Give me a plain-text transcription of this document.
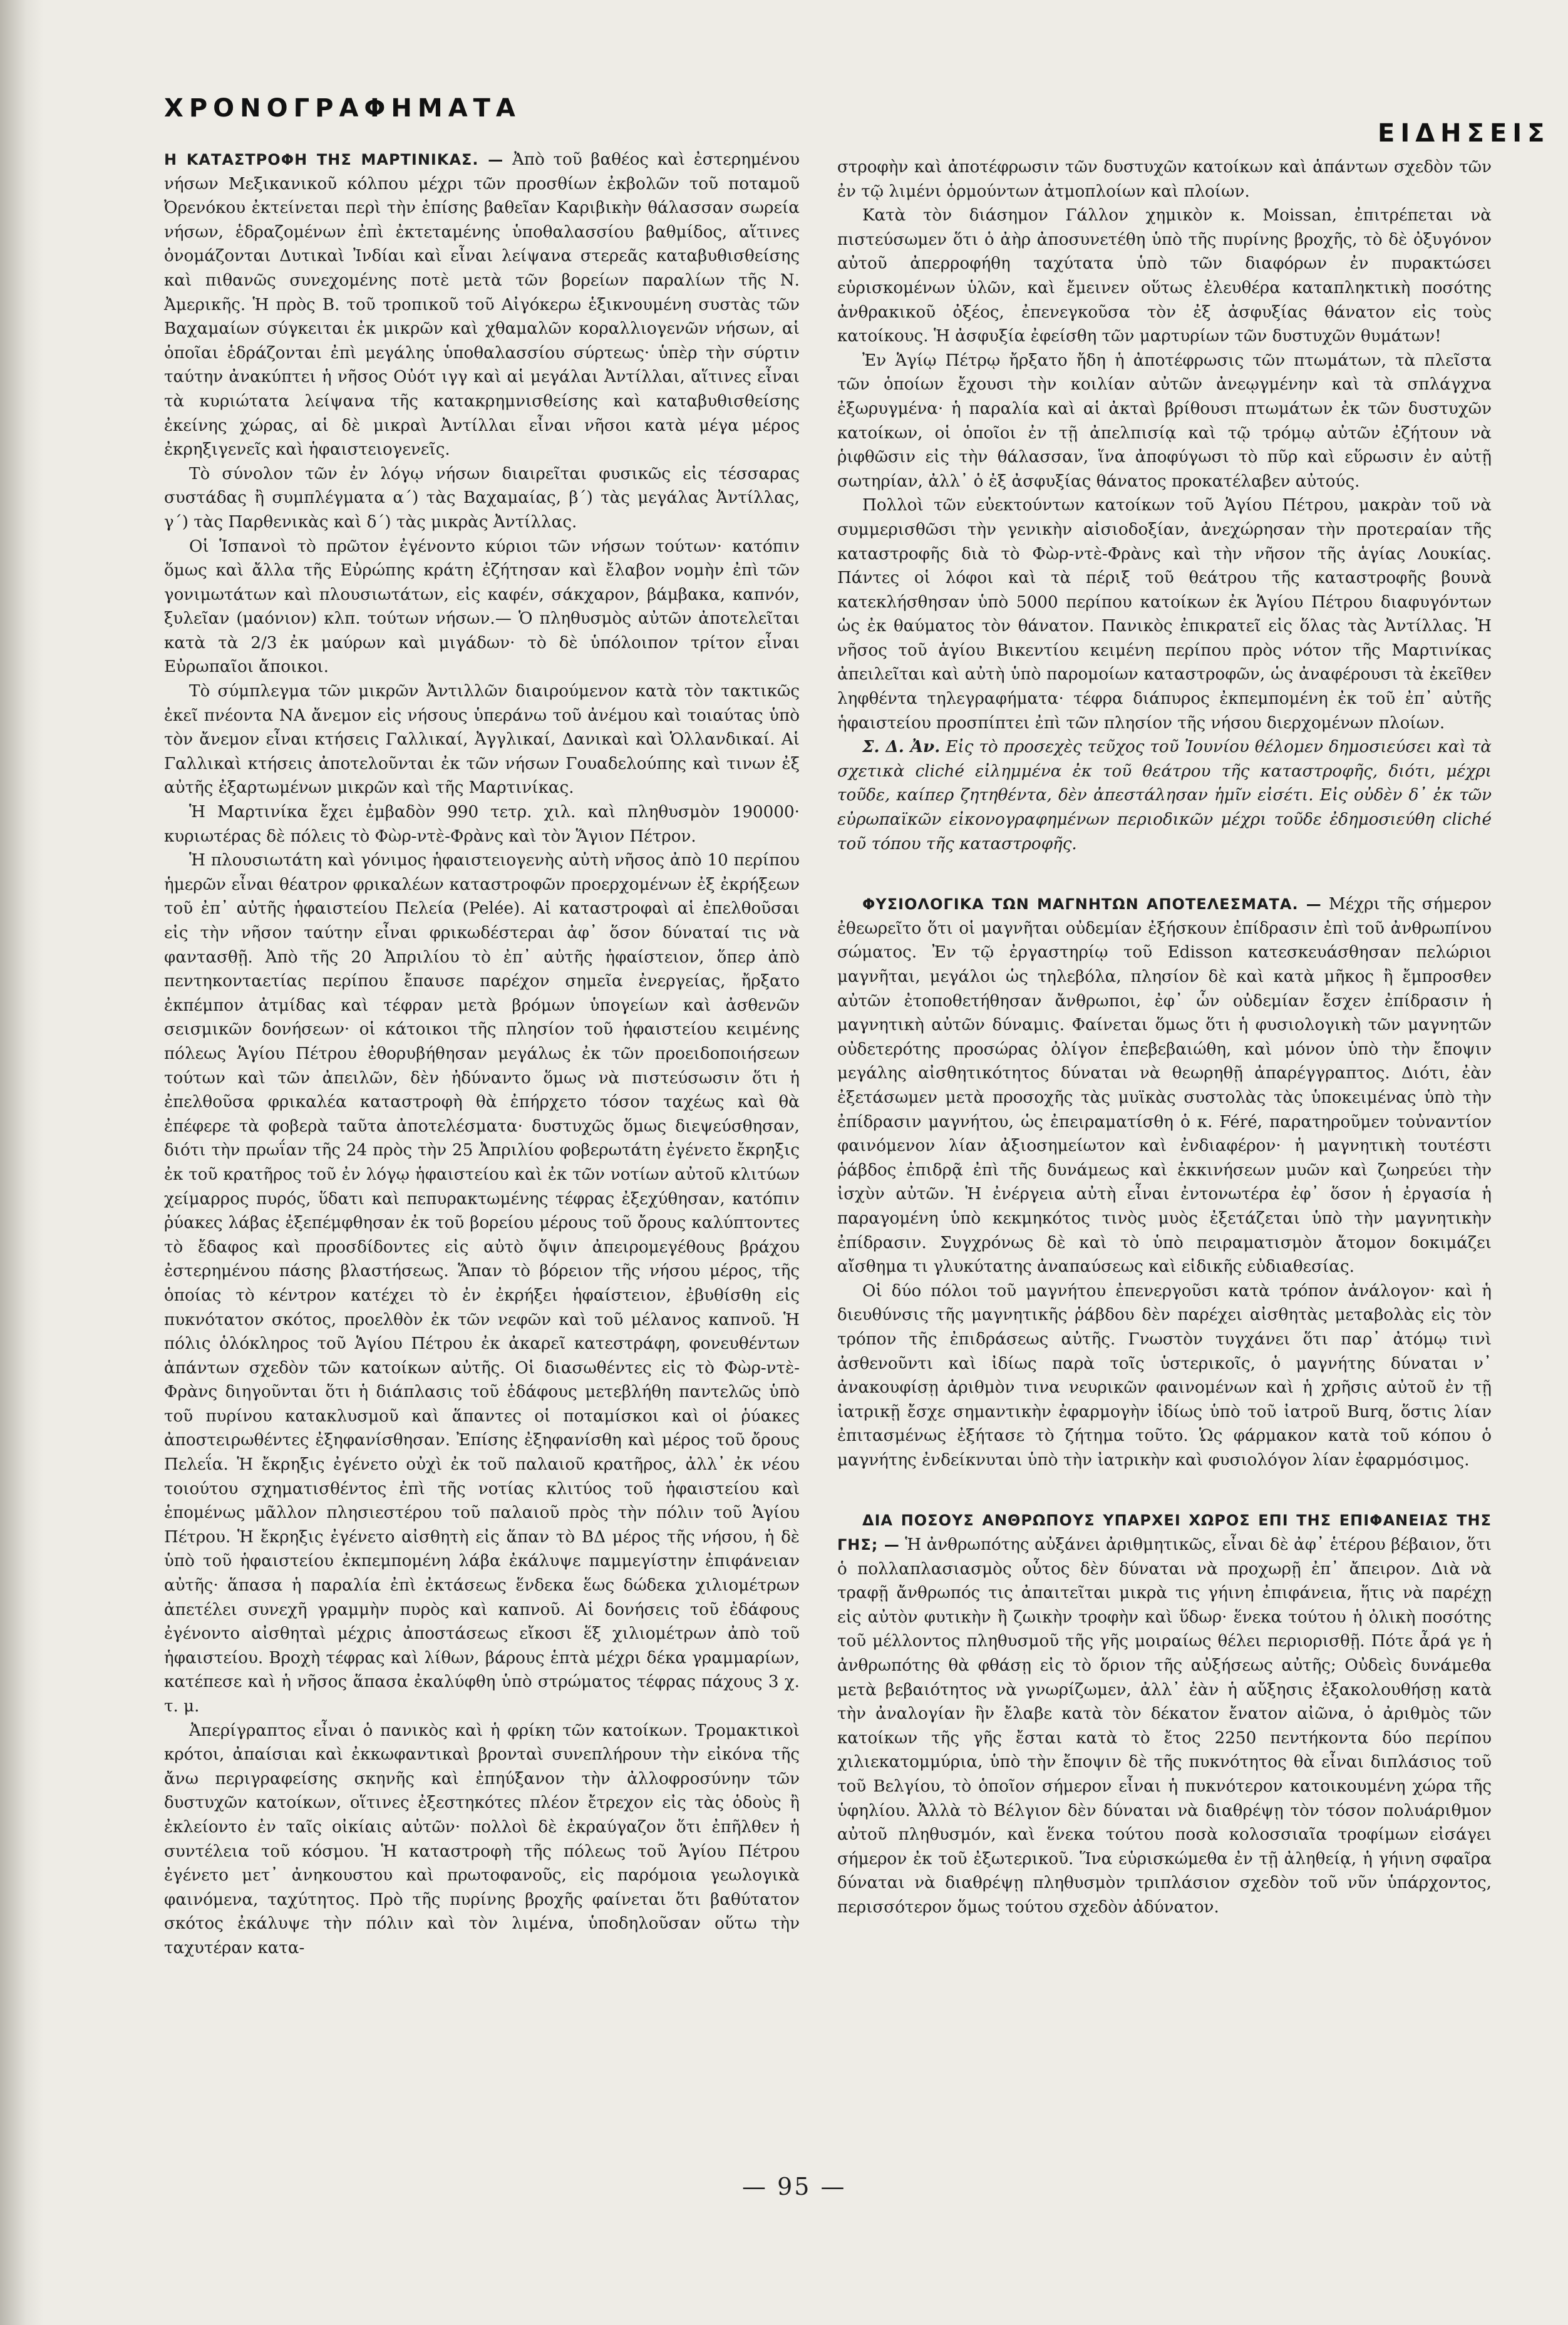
ΧΡΟΝΟΓΡΑΦΗΜΑΤΑ
ΕΙΔΗΣΕΙΣ

Η ΚΑΤΑΣΤΡΟΦΗ ΤΗΣ ΜΑΡΤΙΝΙΚΑΣ. — Ἀπὸ τοῦ βαθέος καὶ ἐστερημένου νήσων Μεξικανικοῦ κόλπου μέχρι τῶν προσθίων ἐκβολῶν τοῦ ποταμοῦ Ὀρενόκου ἐκτείνεται περὶ τὴν ἐπίσης βαθεῖαν Καριβικὴν θάλασσαν σωρεία νήσων, ἑδραζομένων ἐπὶ ἐκτεταμένης ὑποθαλασσίου βαθμίδος, αἵτινες ὀνομάζονται Δυτικαὶ Ἰνδίαι καὶ εἶναι λείψανα στερεᾶς καταβυθισθείσης καὶ πιθανῶς συνεχομένης ποτὲ μετὰ τῶν βορείων παραλίων τῆς Ν. Ἀμερικῆς. Ἡ πρὸς Β. τοῦ τροπικοῦ τοῦ Αἰγόκερω ἑξικνουμένη συστὰς τῶν Βαχαμαίων σύγκειται ἐκ μικρῶν καὶ χθαμαλῶν κοραλλιογενῶν νήσων, αἱ ὁποῖαι ἑδράζονται ἐπὶ μεγάλης ὑποθαλασσίου σύρτεως· ὑπὲρ τὴν σύρτιν ταύτην ἀνακύπτει ἡ νῆσος Οὐότ ιγγ καὶ αἱ μεγάλαι Ἀντίλλαι, αἵτινες εἶναι τὰ κυριώτατα λείψανα τῆς κατακρημνισθείσης καὶ καταβυθισθείσης ἐκείνης χώρας, αἱ δὲ μικραὶ Ἀντίλλαι εἶναι νῆσοι κατὰ μέγα μέρος ἐκρηξιγενεῖς καὶ ἡφαιστειογενεῖς.

Τὸ σύνολον τῶν ἐν λόγῳ νήσων διαιρεῖται φυσικῶς εἰς τέσσαρας συστάδας ἢ συμπλέγματα α΄) τὰς Βαχαμαίας, β΄) τὰς μεγάλας Ἀντίλλας, γ΄) τὰς Παρθενικὰς καὶ δ΄) τὰς μικρὰς Ἀντίλλας.

Οἱ Ἱσπανοὶ τὸ πρῶτον ἐγένοντο κύριοι τῶν νήσων τούτων· κατόπιν ὅμως καὶ ἄλλα τῆς Εὐρώπης κράτη ἐζήτησαν καὶ ἔλαβον νομὴν ἐπὶ τῶν γονιμωτάτων καὶ πλουσιωτάτων, εἰς καφέν, σάκχαρον, βάμβακα, καπνόν, ξυλεῖαν (μαόνιον) κλπ. τούτων νήσων.— Ὁ πληθυσμὸς αὐτῶν ἀποτελεῖται κατὰ τὰ 2/3 ἐκ μαύρων καὶ μιγάδων· τὸ δὲ ὑπόλοιπον τρίτον εἶναι Εὐρωπαῖοι ἄποικοι.

Τὸ σύμπλεγμα τῶν μικρῶν Ἀντιλλῶν διαιρούμενον κατὰ τὸν τακτικῶς ἐκεῖ πνέοντα ΝΑ ἄνεμον εἰς νήσους ὑπεράνω τοῦ ἀνέμου καὶ τοιαύτας ὑπὸ τὸν ἄνεμον εἶναι κτήσεις Γαλλικαί, Ἀγγλικαί, Δανικαὶ καὶ Ὁλλανδικαί. Αἱ Γαλλικαὶ κτήσεις ἀποτελοῦνται ἐκ τῶν νήσων Γουαδελούπης καὶ τινων ἐξ αὐτῆς ἐξαρτωμένων μικρῶν καὶ τῆς Μαρτινίκας.

Ἡ Μαρτινίκα ἔχει ἐμβαδὸν 990 τετρ. χιλ. καὶ πληθυσμὸν 190000· κυριωτέρας δὲ πόλεις τὸ Φὼρ-ντὲ-Φρὰνς καὶ τὸν Ἅγιον Πέτρον.

Ἡ πλουσιωτάτη καὶ γόνιμος ἡφαιστειογενὴς αὐτὴ νῆσος ἀπὸ 10 περίπου ἡμερῶν εἶναι θέατρον φρικαλέων καταστροφῶν προερχομένων ἐξ ἐκρήξεων τοῦ ἐπ᾿ αὐτῆς ἡφαιστείου Πελεία (Pelée). Αἱ καταστροφαὶ αἱ ἐπελθοῦσαι εἰς τὴν νῆσον ταύτην εἶναι φρικωδέστεραι ἀφ᾿ ὅσον δύναταί τις νὰ φαντασθῇ. Ἀπὸ τῆς 20 Ἀπριλίου τὸ ἐπ᾿ αὐτῆς ἡφαίστειον, ὅπερ ἀπὸ πεντηκονταετίας περίπου ἔπαυσε παρέχον σημεῖα ἐνεργείας, ἤρξατο ἐκπέμπον ἀτμίδας καὶ τέφραν μετὰ βρόμων ὑπογείων καὶ ἀσθενῶν σεισμικῶν δονήσεων· οἱ κάτοικοι τῆς πλησίον τοῦ ἡφαιστείου κειμένης πόλεως Ἁγίου Πέτρου ἐθορυβήθησαν μεγάλως ἐκ τῶν προειδοποιήσεων τούτων καὶ τῶν ἀπειλῶν, δὲν ἠδύναντο ὅμως νὰ πιστεύσωσιν ὅτι ἡ ἐπελθοῦσα φρικαλέα καταστροφὴ θὰ ἐπήρχετο τόσον ταχέως καὶ θὰ ἐπέφερε τὰ φοβερὰ ταῦτα ἀποτελέσματα· δυστυχῶς ὅμως διεψεύσθησαν, διότι τὴν πρωΐαν τῆς 24 πρὸς τὴν 25 Ἀπριλίου φοβερωτάτη ἐγένετο ἔκρηξις ἐκ τοῦ κρατῆρος τοῦ ἐν λόγῳ ἡφαιστείου καὶ ἐκ τῶν νοτίων αὐτοῦ κλιτύων χείμαρρος πυρός, ὕδατι καὶ πεπυρακτωμένης τέφρας ἐξεχύθησαν, κατόπιν ῥύακες λάβας ἐξεπέμφθησαν ἐκ τοῦ βορείου μέρους τοῦ ὄρους καλύπτοντες τὸ ἔδαφος καὶ προσδίδοντες εἰς αὐτὸ ὄψιν ἀπειρομεγέθους βράχου ἐστερημένου πάσης βλαστήσεως. Ἅπαν τὸ βόρειον τῆς νήσου μέρος, τῆς ὁποίας τὸ κέντρον κατέχει τὸ ἐν ἐκρήξει ἡφαίστειον, ἐβυθίσθη εἰς πυκνότατον σκότος, προελθὸν ἐκ τῶν νεφῶν καὶ τοῦ μέλανος καπνοῦ. Ἡ πόλις ὁλόκληρος τοῦ Ἁγίου Πέτρου ἐκ ἀκαρεῖ κατεστράφη, φονευθέντων ἁπάντων σχεδὸν τῶν κατοίκων αὐτῆς. Οἱ διασωθέντες εἰς τὸ Φὼρ-ντὲ-Φρὰνς διηγοῦνται ὅτι ἡ διάπλασις τοῦ ἐδάφους μετεβλήθη παντελῶς ὑπὸ τοῦ πυρίνου κατακλυσμοῦ καὶ ἅπαντες οἱ ποταμίσκοι καὶ οἱ ῥύακες ἀποστειρωθέντες ἐξηφανίσθησαν. Ἐπίσης ἐξηφανίσθη καὶ μέρος τοῦ ὄρους Πελεΐα. Ἡ ἔκρηξις ἐγένετο οὐχὶ ἐκ τοῦ παλαιοῦ κρατῆρος, ἀλλ᾿ ἐκ νέου τοιούτου σχηματισθέντος ἐπὶ τῆς νοτίας κλιτύος τοῦ ἡφαιστείου καὶ ἑπομένως μᾶλλον πλησιεστέρου τοῦ παλαιοῦ πρὸς τὴν πόλιν τοῦ Ἁγίου Πέτρου. Ἡ ἔκρηξις ἐγένετο αἰσθητὴ εἰς ἅπαν τὸ ΒΔ μέρος τῆς νήσου, ἡ δὲ ὑπὸ τοῦ ἡφαιστείου ἐκπεμπομένη λάβα ἐκάλυψε παμμεγίστην ἐπιφάνειαν αὐτῆς· ἅπασα ἡ παραλία ἐπὶ ἐκτάσεως ἕνδεκα ἕως δώδεκα χιλιομέτρων ἀπετέλει συνεχῆ γραμμὴν πυρὸς καὶ καπνοῦ. Αἱ δονήσεις τοῦ ἐδάφους ἐγένοντο αἰσθηταὶ μέχρις ἀποστάσεως εἴκοσι ἕξ χιλιομέτρων ἀπὸ τοῦ ἡφαιστείου. Βροχὴ τέφρας καὶ λίθων, βάρους ἑπτὰ μέχρι δέκα γραμμαρίων, κατέπεσε καὶ ἡ νῆσος ἅπασα ἐκαλύφθη ὑπὸ στρώματος τέφρας πάχους 3 χ. τ. μ.

Ἀπερίγραπτος εἶναι ὁ πανικὸς καὶ ἡ φρίκη τῶν κατοίκων. Τρομακτικοὶ κρότοι, ἀπαίσιαι καὶ ἐκκωφαντικαὶ βρονταὶ συνεπλήρουν τὴν εἰκόνα τῆς ἄνω περιγραφείσης σκηνῆς καὶ ἐπηύξανον τὴν ἀλλοφροσύνην τῶν δυστυχῶν κατοίκων, οἵτινες ἐξεστηκότες πλέον ἔτρεχον εἰς τὰς ὁδοὺς ἢ ἐκλείοντο ἐν ταῖς οἰκίαις αὐτῶν· πολλοὶ δὲ ἐκραύγαζον ὅτι ἐπῆλθεν ἡ συντέλεια τοῦ κόσμου. Ἡ καταστροφὴ τῆς πόλεως τοῦ Ἁγίου Πέτρου ἐγένετο μετ᾿ ἀνηκουστου καὶ πρωτοφανοῦς, εἰς παρόμοια γεωλογικὰ φαινόμενα, ταχύτητος. Πρὸ τῆς πυρίνης βροχῆς φαίνεται ὅτι βαθύτατον σκότος ἐκάλυψε τὴν πόλιν καὶ τὸν λιμένα, ὑποδηλοῦσαν οὕτω τὴν ταχυτέραν κατα-

στροφὴν καὶ ἀποτέφρωσιν τῶν δυστυχῶν κατοίκων καὶ ἁπάντων σχεδὸν τῶν ἐν τῷ λιμένι ὁρμούντων ἀτμοπλοίων καὶ πλοίων.

Κατὰ τὸν διάσημον Γάλλον χημικὸν κ. Moissan, ἐπιτρέπεται νὰ πιστεύσωμεν ὅτι ὁ ἀὴρ ἀποσυνετέθη ὑπὸ τῆς πυρίνης βροχῆς, τὸ δὲ ὀξυγόνον αὐτοῦ ἀπερροφήθη ταχύτατα ὑπὸ τῶν διαφόρων ἐν πυρακτώσει εὑρισκομένων ὑλῶν, καὶ ἔμεινεν οὕτως ἐλευθέρα καταπληκτικὴ ποσότης ἀνθρακικοῦ ὀξέος, ἐπενεγκοῦσα τὸν ἐξ ἀσφυξίας θάνατον εἰς τοὺς κατοίκους. Ἡ ἀσφυξία ἐφείσθη τῶν μαρτυρίων τῶν δυστυχῶν θυμάτων!

Ἐν Ἁγίῳ Πέτρῳ ἤρξατο ἤδη ἡ ἀποτέφρωσις τῶν πτωμάτων, τὰ πλεῖστα τῶν ὁποίων ἔχουσι τὴν κοιλίαν αὐτῶν ἀνεῳγμένην καὶ τὰ σπλάγχνα ἐξωρυγμένα· ἡ παραλία καὶ αἱ ἀκταὶ βρίθουσι πτωμάτων ἐκ τῶν δυστυχῶν κατοίκων, οἱ ὁποῖοι ἐν τῇ ἀπελπισίᾳ καὶ τῷ τρόμῳ αὐτῶν ἐζήτουν νὰ ῥιφθῶσιν εἰς τὴν θάλασσαν, ἵνα ἀποφύγωσι τὸ πῦρ καὶ εὕρωσιν ἐν αὐτῇ σωτηρίαν, ἀλλ᾿ ὁ ἐξ ἀσφυξίας θάνατος προκατέλαβεν αὐτούς.

Πολλοὶ τῶν εὐεκτούντων κατοίκων τοῦ Ἁγίου Πέτρου, μακρὰν τοῦ νὰ συμμερισθῶσι τὴν γενικὴν αἰσιοδοξίαν, ἀνεχώρησαν τὴν προτεραίαν τῆς καταστροφῆς διὰ τὸ Φὼρ-ντὲ-Φρὰνς καὶ τὴν νῆσον τῆς ἁγίας Λουκίας. Πάντες οἱ λόφοι καὶ τὰ πέριξ τοῦ θεάτρου τῆς καταστροφῆς βουνὰ κατεκλήσθησαν ὑπὸ 5000 περίπου κατοίκων ἐκ Ἁγίου Πέτρου διαφυγόντων ὡς ἐκ θαύματος τὸν θάνατον. Πανικὸς ἐπικρατεῖ εἰς ὅλας τὰς Ἀντίλλας. Ἡ νῆσος τοῦ ἁγίου Βικεντίου κειμένη περίπου πρὸς νότον τῆς Μαρτινίκας ἀπειλεῖται καὶ αὐτὴ ὑπὸ παρομοίων καταστροφῶν, ὡς ἀναφέρουσι τὰ ἐκεῖθεν ληφθέντα τηλεγραφήματα· τέφρα διάπυρος ἐκπεμπομένη ἐκ τοῦ ἐπ᾿ αὐτῆς ἡφαιστείου προσπίπτει ἐπὶ τῶν πλησίον τῆς νήσου διερχομένων πλοίων.

Σ. Δ. Ἀν. Εἰς τὸ προσεχὲς τεῦχος τοῦ Ἰουνίου θέλομεν δημοσιεύσει καὶ τὰ σχετικὰ cliché εἰλημμένα ἐκ τοῦ θεάτρου τῆς καταστροφῆς, διότι, μέχρι τοῦδε, καίπερ ζητηθέντα, δὲν ἀπεστάλησαν ἡμῖν εἰσέτι. Εἰς οὐδὲν δ᾿ ἐκ τῶν εὐρωπαϊκῶν εἰκονογραφημένων περιοδικῶν μέχρι τοῦδε ἐδημοσιεύθη cliché τοῦ τόπου τῆς καταστροφῆς.

ΦΥΣΙΟΛΟΓΙΚΑ ΤΩΝ ΜΑΓΝΗΤΩΝ ΑΠΟΤΕΛΕΣΜΑΤΑ. — Μέχρι τῆς σήμερον ἐθεωρεῖτο ὅτι οἱ μαγνῆται οὐδεμίαν ἐξήσκουν ἐπίδρασιν ἐπὶ τοῦ ἀνθρωπίνου σώματος. Ἐν τῷ ἐργαστηρίῳ τοῦ Edisson κατεσκευάσθησαν πελώριοι μαγνῆται, μεγάλοι ὡς τηλεβόλα, πλησίον δὲ καὶ κατὰ μῆκος ἢ ἔμπροσθεν αὐτῶν ἐτοποθετήθησαν ἄνθρωποι, ἐφ᾿ ὧν οὐδεμίαν ἔσχεν ἐπίδρασιν ἡ μαγνητικὴ αὐτῶν δύναμις. Φαίνεται ὅμως ὅτι ἡ φυσιολογικὴ τῶν μαγνητῶν οὐδετερότης προσώρας ὀλίγον ἐπεβεβαιώθη, καὶ μόνον ὑπὸ τὴν ἔποψιν μεγάλης αἰσθητικότητος δύναται νὰ θεωρηθῇ ἀπαρέγγραπτος. Διότι, ἐὰν ἐξετάσωμεν μετὰ προσοχῆς τὰς μυϊκὰς συστολὰς τὰς ὑποκειμένας ὑπὸ τὴν ἐπίδρασιν μαγνήτου, ὡς ἐπειραματίσθη ὁ κ. Féré, παρατηροῦμεν τοὐναντίον φαινόμενον λίαν ἀξιοσημείωτον καὶ ἐνδιαφέρον· ἡ μαγνητικὴ τουτέστι ῥάβδος ἐπιδρᾷ ἐπὶ τῆς δυνάμεως καὶ ἐκκινήσεων μυῶν καὶ ζωηρεύει τὴν ἰσχὺν αὐτῶν. Ἡ ἐνέργεια αὐτὴ εἶναι ἐντονωτέρα ἐφ᾿ ὅσον ἡ ἐργασία ἡ παραγομένη ὑπὸ κεκμηκότος τινὸς μυὸς ἐξετάζεται ὑπὸ τὴν μαγνητικὴν ἐπίδρασιν. Συγχρόνως δὲ καὶ τὸ ὑπὸ πειραματισμὸν ἄτομον δοκιμάζει αἴσθημα τι γλυκύτατης ἀναπαύσεως καὶ εἰδικῆς εὐδιαθεσίας.

Οἱ δύο πόλοι τοῦ μαγνήτου ἐπενεργοῦσι κατὰ τρόπον ἀνάλογον· καὶ ἡ διευθύνσις τῆς μαγνητικῆς ῥάβδου δὲν παρέχει αἰσθητὰς μεταβολὰς εἰς τὸν τρόπον τῆς ἐπιδράσεως αὐτῆς. Γνωστὸν τυγχάνει ὅτι παρ᾿ ἀτόμῳ τινὶ ἀσθενοῦντι καὶ ἰδίως παρὰ τοῖς ὑστερικοῖς, ὁ μαγνήτης δύναται ν᾿ ἀνακουφίσῃ ἀριθμὸν τινα νευρικῶν φαινομένων καὶ ἡ χρῆσις αὐτοῦ ἐν τῇ ἰατρικῇ ἔσχε σημαντικὴν ἐφαρμογὴν ἰδίως ὑπὸ τοῦ ἰατροῦ Burq, ὅστις λίαν ἐπιτασμένως ἐξήτασε τὸ ζήτημα τοῦτο. Ὡς φάρμακον κατὰ τοῦ κόπου ὁ μαγνήτης ἐνδείκνυται ὑπὸ τὴν ἰατρικὴν καὶ φυσιολόγον λίαν ἐφαρμόσιμος.

ΔΙΑ ΠΟΣΟΥΣ ΑΝΘΡΩΠΟΥΣ ΥΠΑΡΧΕΙ ΧΩΡΟΣ ΕΠΙ ΤΗΣ ΕΠΙΦΑΝΕΙΑΣ ΤΗΣ ΓΗΣ; — Ἡ ἀνθρωπότης αὐξάνει ἀριθμητικῶς, εἶναι δὲ ἀφ᾿ ἑτέρου βέβαιον, ὅτι ὁ πολλαπλασιασμὸς οὗτος δὲν δύναται νὰ προχωρῇ ἐπ᾿ ἄπειρον. Διὰ νὰ τραφῇ ἄνθρωπός τις ἀπαιτεῖται μικρὰ τις γήινη ἐπιφάνεια, ἥτις νὰ παρέχῃ εἰς αὐτὸν φυτικὴν ἢ ζωικὴν τροφὴν καὶ ὕδωρ· ἕνεκα τούτου ἡ ὀλικὴ ποσότης τοῦ μέλλοντος πληθυσμοῦ τῆς γῆς μοιραίως θέλει περιορισθῇ. Πότε ἆρά γε ἡ ἀνθρωπότης θὰ φθάσῃ εἰς τὸ ὅριον τῆς αὐξήσεως αὐτῆς; Οὐδεὶς δυνάμεθα μετὰ βεβαιότητος νὰ γνωρίζωμεν, ἀλλ᾿ ἐὰν ἡ αὔξησις ἐξακολουθήσῃ κατὰ τὴν ἀναλογίαν ἣν ἔλαβε κατὰ τὸν δέκατον ἔνατον αἰῶνα, ὁ ἀριθμὸς τῶν κατοίκων τῆς γῆς ἔσται κατὰ τὸ ἔτος 2250 πεντήκοντα δύο περίπου χιλιεκατομμύρια, ὑπὸ τὴν ἔποψιν δὲ τῆς πυκνότητος θὰ εἶναι διπλάσιος τοῦ τοῦ Βελγίου, τὸ ὁποῖον σήμερον εἶναι ἡ πυκνότερον κατοικουμένη χώρα τῆς ὑφηλίου. Ἀλλὰ τὸ Βέλγιον δὲν δύναται νὰ διαθρέψῃ τὸν τόσον πολυάριθμον αὐτοῦ πληθυσμόν, καὶ ἕνεκα τούτου ποσὰ κολοσσιαῖα τροφίμων εἰσάγει σήμερον ἐκ τοῦ ἐξωτερικοῦ. Ἵνα εὑρισκώμεθα ἐν τῇ ἀληθείᾳ, ἡ γήινη σφαῖρα δύναται νὰ διαθρέψῃ πληθυσμὸν τριπλάσιον σχεδὸν τοῦ νῦν ὑπάρχοντος, περισσότερον ὅμως τούτου σχεδὸν ἀδύνατον.

— 95 —
